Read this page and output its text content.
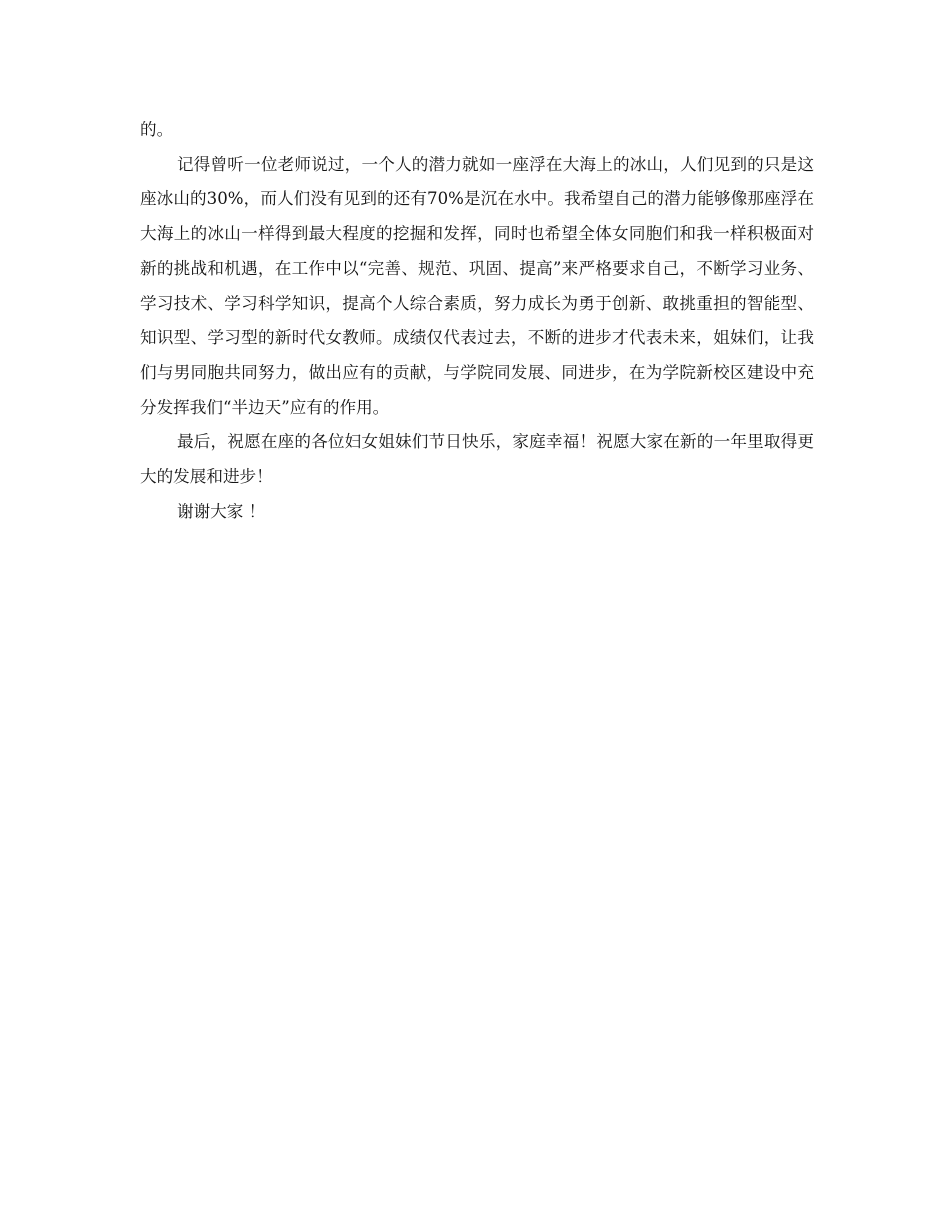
的。

记得曾听一位老师说过，一个人的潜力就如一座浮在大海上的冰山，人们见到的只是这座冰山的30%，而人们没有见到的还有70%是沉在水中。我希望自己的潜力能够像那座浮在大海上的冰山一样得到最大程度的挖掘和发挥，同时也希望全体女同胞们和我一样积极面对新的挑战和机遇，在工作中以“完善、规范、巩固、提高”来严格要求自己，不断学习业务、学习技术、学习科学知识，提高个人综合素质，努力成长为勇于创新、敢挑重担的智能型、知识型、学习型的新时代女教师。成绩仅代表过去，不断的进步才代表未来，姐妹们，让我们与男同胞共同努力，做出应有的贡献，与学院同发展、同进步，在为学院新校区建设中充分发挥我们“半边天”应有的作用。

最后，祝愿在座的各位妇女姐妹们节日快乐，家庭幸福！祝愿大家在新的一年里取得更大的发展和进步！

谢谢大家 ！
